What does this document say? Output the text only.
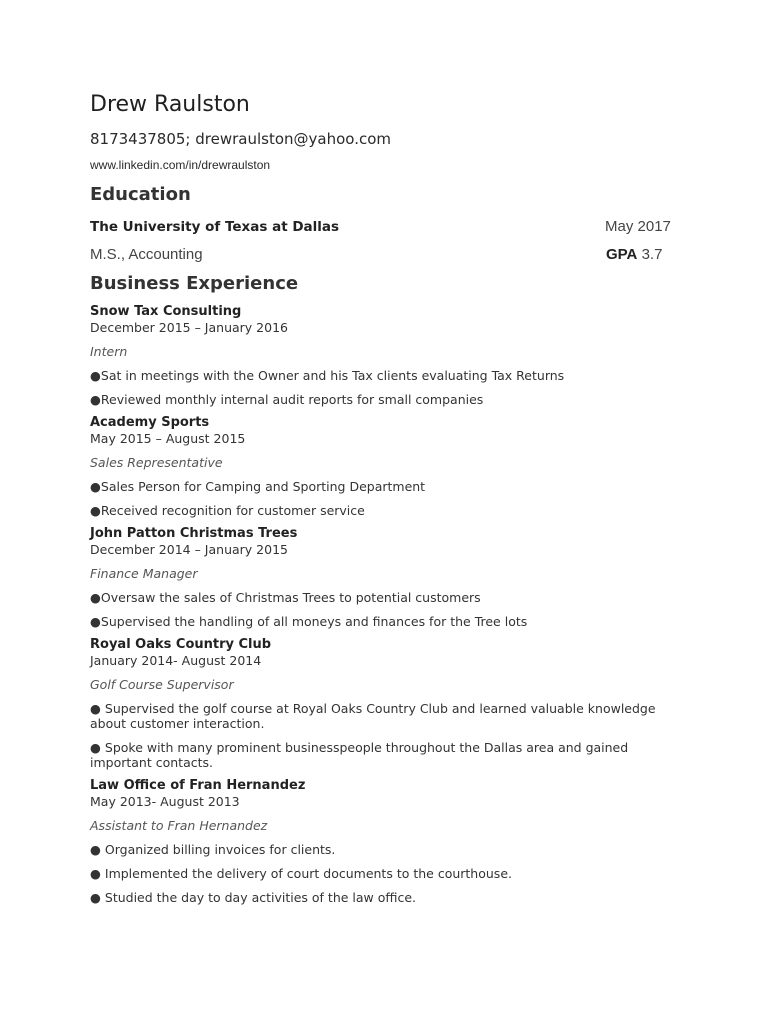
Drew Raulston
8173437805; drewraulston@yahoo.com
www.linkedin.com/in/drewraulston
Education
The University of Texas at Dallas	May 2017
M.S., Accounting	GPA 3.7
Business Experience
Snow Tax Consulting
December 2015 – January 2016
Intern
●Sat in meetings with the Owner and his Tax clients evaluating Tax Returns
●Reviewed monthly internal audit reports for small companies
Academy Sports
May 2015 – August 2015
Sales Representative
●Sales Person for Camping and Sporting Department
●Received recognition for customer service
John Patton Christmas Trees
December 2014 – January 2015
Finance Manager
●Oversaw the sales of Christmas Trees to potential customers
●Supervised the handling of all moneys and finances for the Tree lots
Royal Oaks Country Club
January 2014- August 2014
Golf Course Supervisor
● Supervised the golf course at Royal Oaks Country Club and learned valuable knowledge about customer interaction.
● Spoke with many prominent businesspeople throughout the Dallas area and gained important contacts.
Law Office of Fran Hernandez
May 2013- August 2013
Assistant to Fran Hernandez
● Organized billing invoices for clients.
● Implemented the delivery of court documents to the courthouse.
● Studied the day to day activities of the law office.
